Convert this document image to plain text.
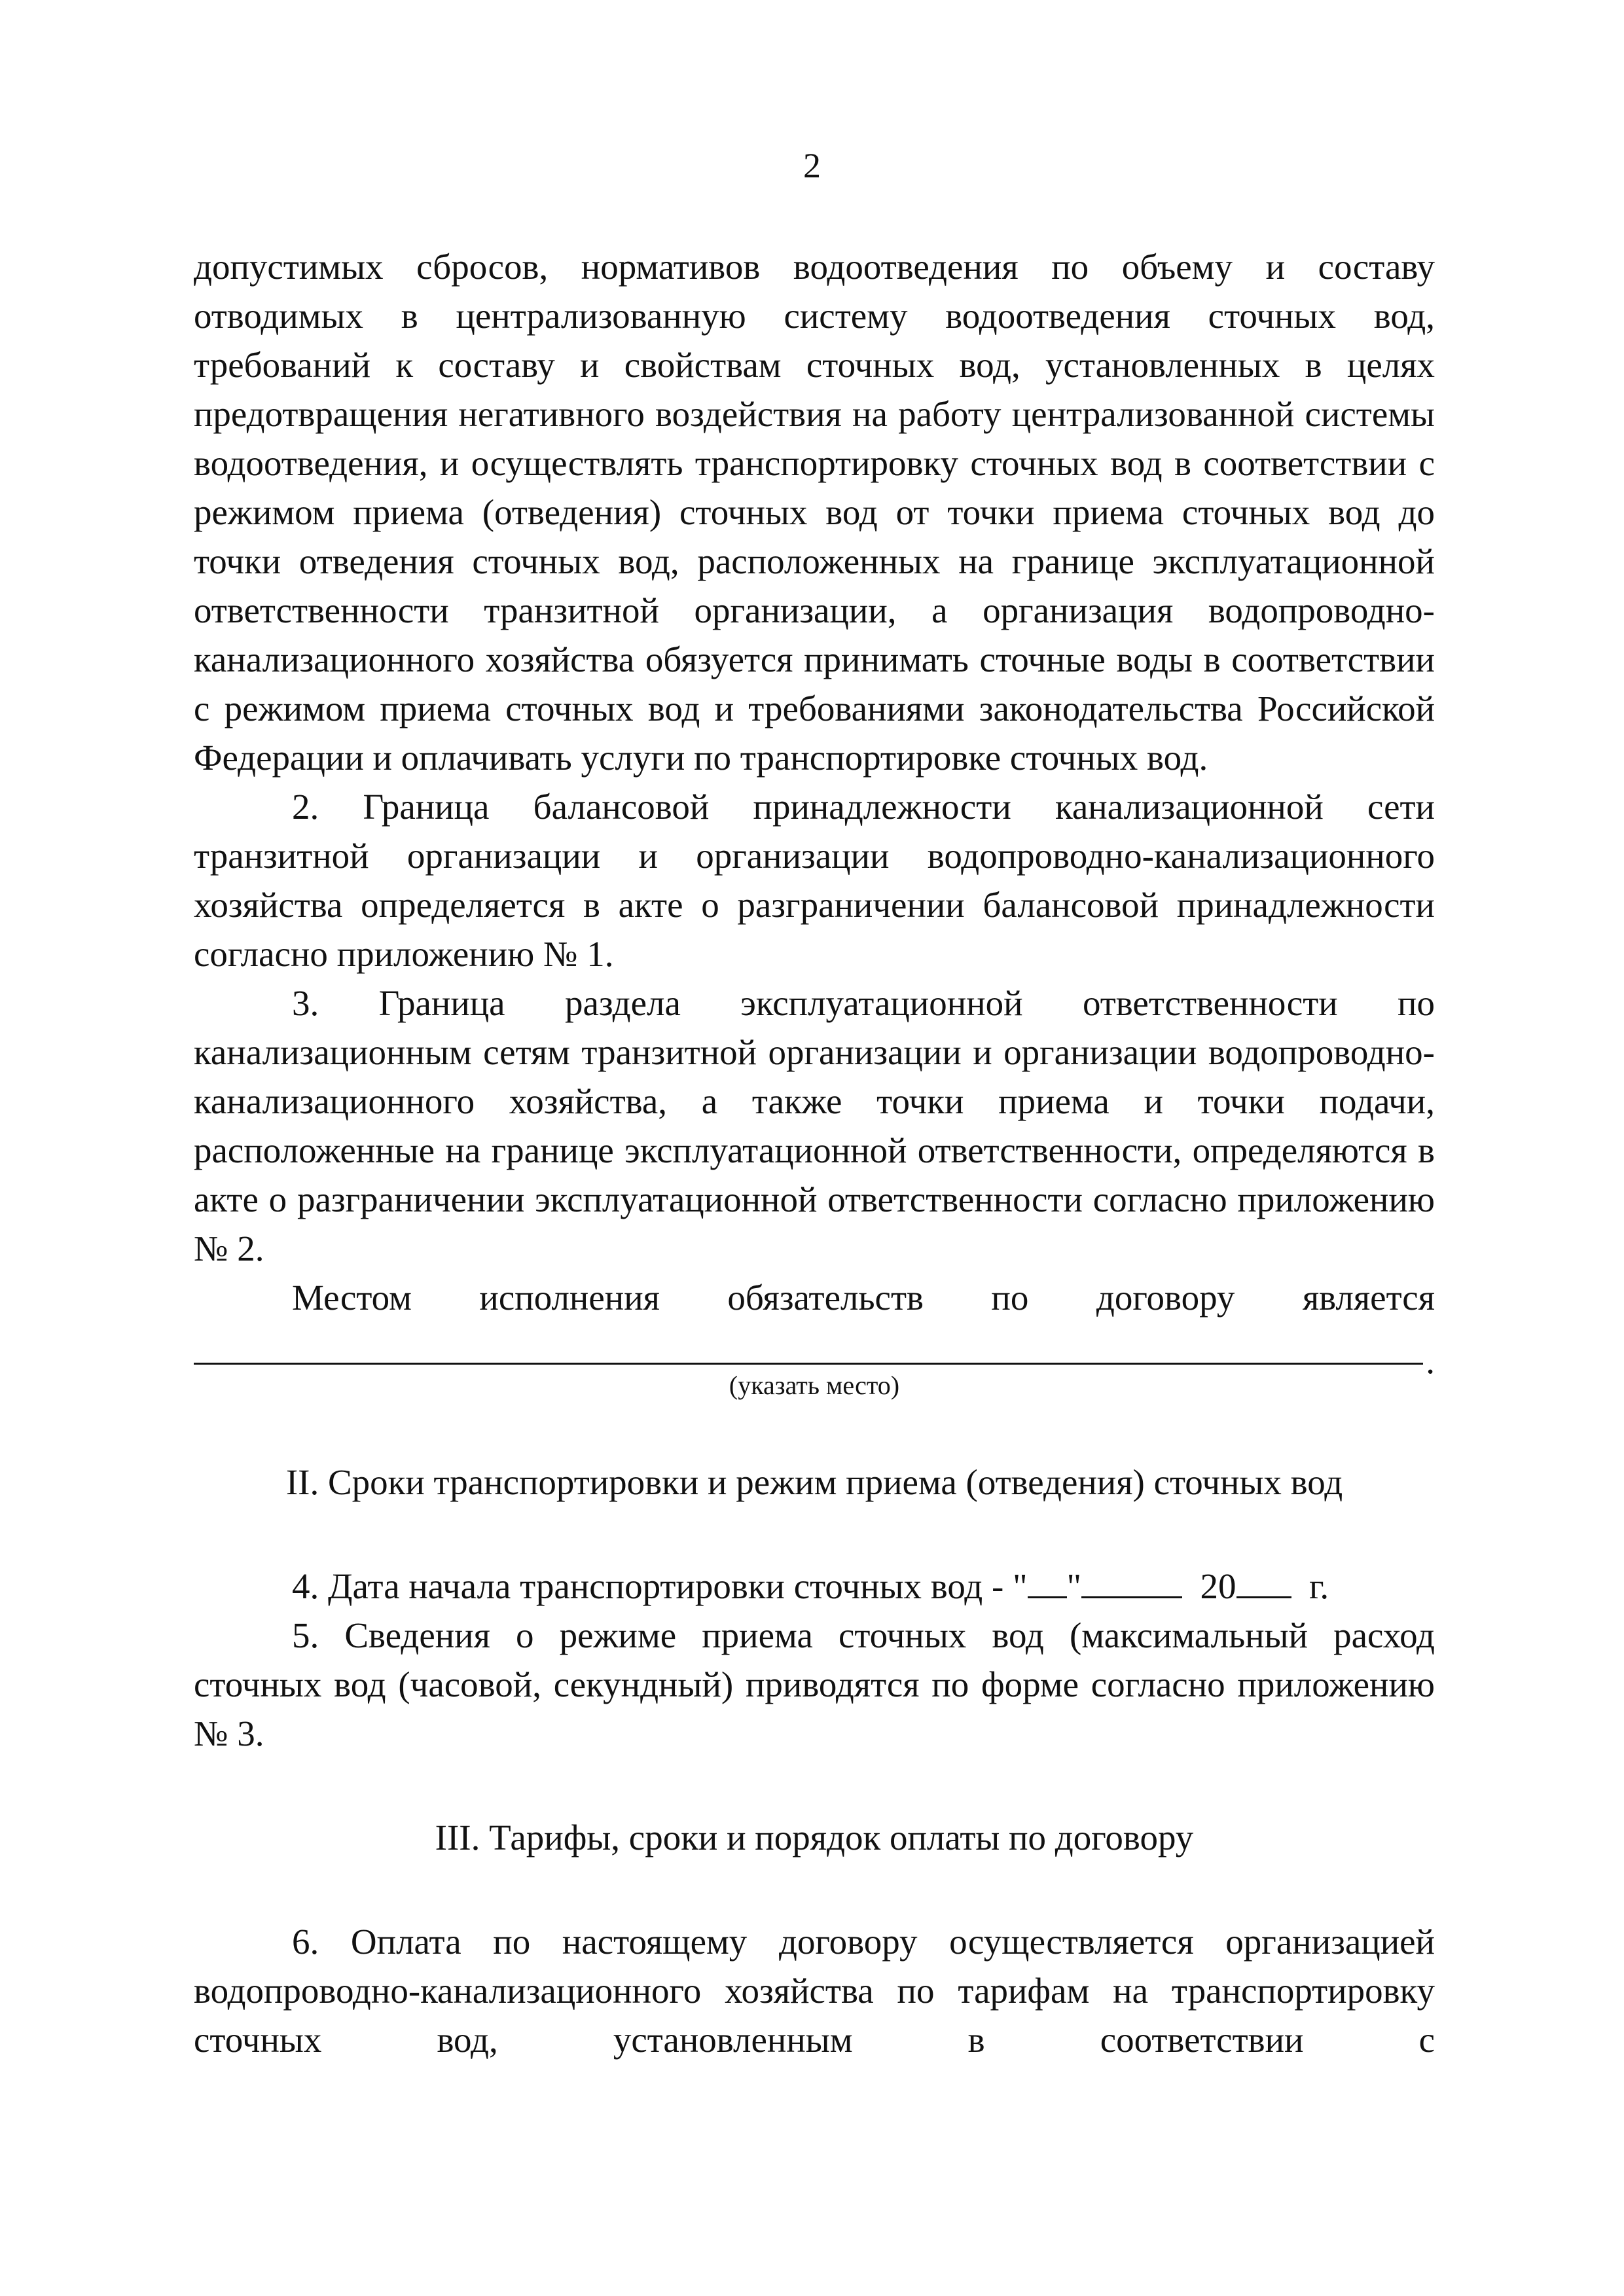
2

допустимых сбросов, нормативов водоотведения по объему и составу отводимых в централизованную систему водоотведения сточных вод, требований к составу и свойствам сточных вод, установленных в целях предотвращения негативного воздействия на работу централизованной системы водоотведения, и осуществлять транспортировку сточных вод в соответствии с режимом приема (отведения) сточных вод от точки приема сточных вод до точки отведения сточных вод, расположенных на границе эксплуатационной ответственности транзитной организации, а организация водопроводно-канализационного хозяйства обязуется принимать сточные воды в соответствии с режимом приема сточных вод и требованиями законодательства Российской Федерации и оплачивать услуги по транспортировке сточных вод.

2. Граница балансовой принадлежности канализационной сети транзитной организации и организации водопроводно-канализационного хозяйства определяется в акте о разграничении балансовой принадлежности согласно приложению № 1.

3. Граница раздела эксплуатационной ответственности по канализационным сетям транзитной организации и организации водопроводно-канализационного хозяйства, а также точки приема и точки подачи, расположенные на границе эксплуатационной ответственности, определяются в акте о разграничении эксплуатационной ответственности согласно приложению № 2.

Местом исполнения обязательств по договору является

.
(указать место)

II. Сроки транспортировки и режим приема (отведения) сточных вод

4. Дата начала транспортировки сточных вод - " "	20 г.

5. Сведения о режиме приема сточных вод (максимальный расход сточных вод (часовой, секундный) приводятся по форме согласно приложению № 3.

III. Тарифы, сроки и порядок оплаты по договору

6. Оплата по настоящему договору осуществляется организацией водопроводно-канализационного хозяйства по тарифам на транспортировку сточных вод, установленным в соответствии с
